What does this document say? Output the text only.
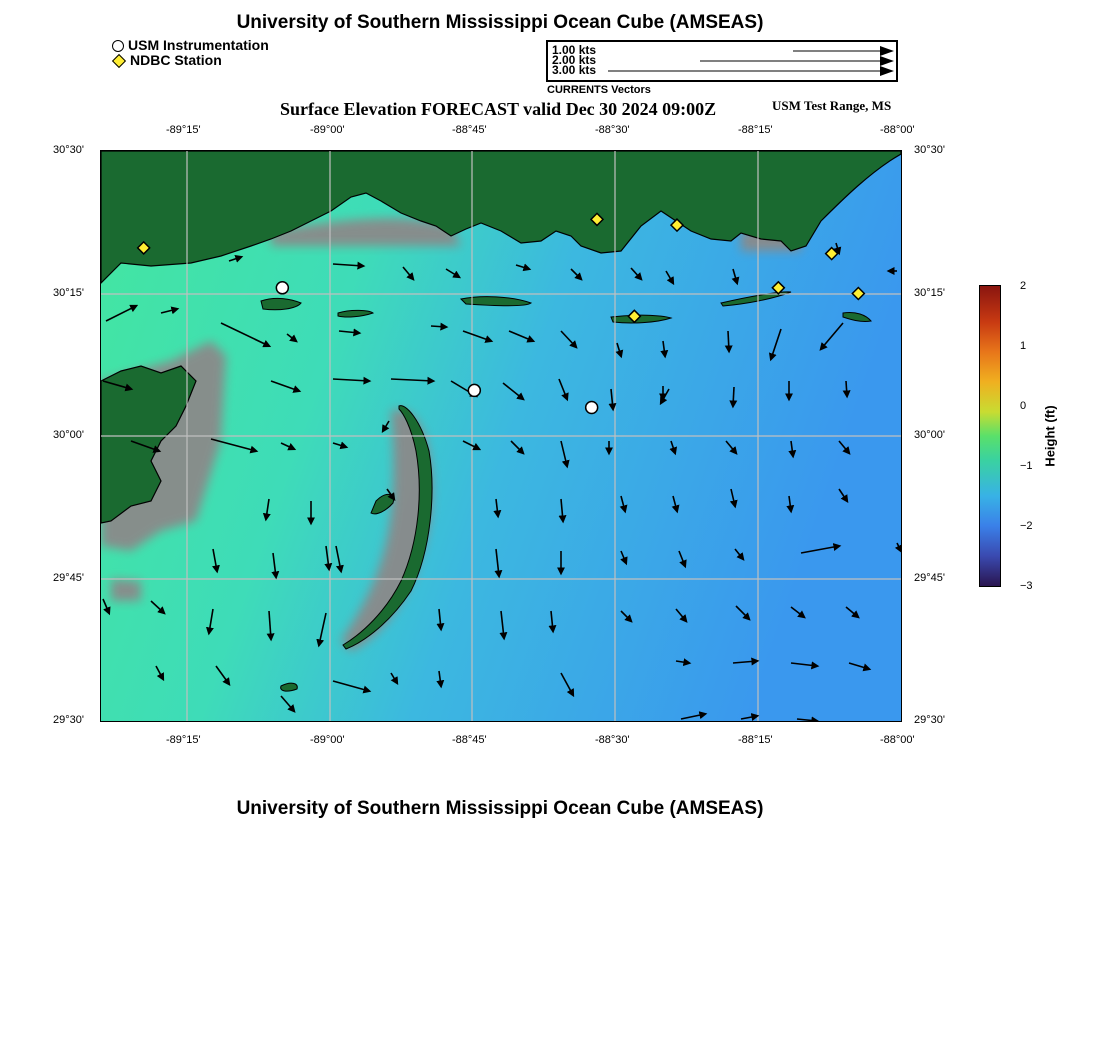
University of Southern Mississippi Ocean Cube (AMSEAS)
USM Instrumentation
NDBC Station
1.00 kts
2.00 kts
3.00 kts
CURRENTS Vectors
Surface Elevation FORECAST valid Dec 30 2024 09:00Z	USM Test Range, MS
-89°15'	-89°00'	-88°45'	-88°30'	-88°15'	-88°00'
-89°15'	-89°00'	-88°45'	-88°30'	-88°15'	-88°00'
30°30'
30°15'
30°00'
29°45'
29°30'
30°30'
30°15'
30°00'
29°45'
29°30'
2
1
0
−1
−2
−3
Height (ft)
University of Southern Mississippi Ocean Cube (AMSEAS)
